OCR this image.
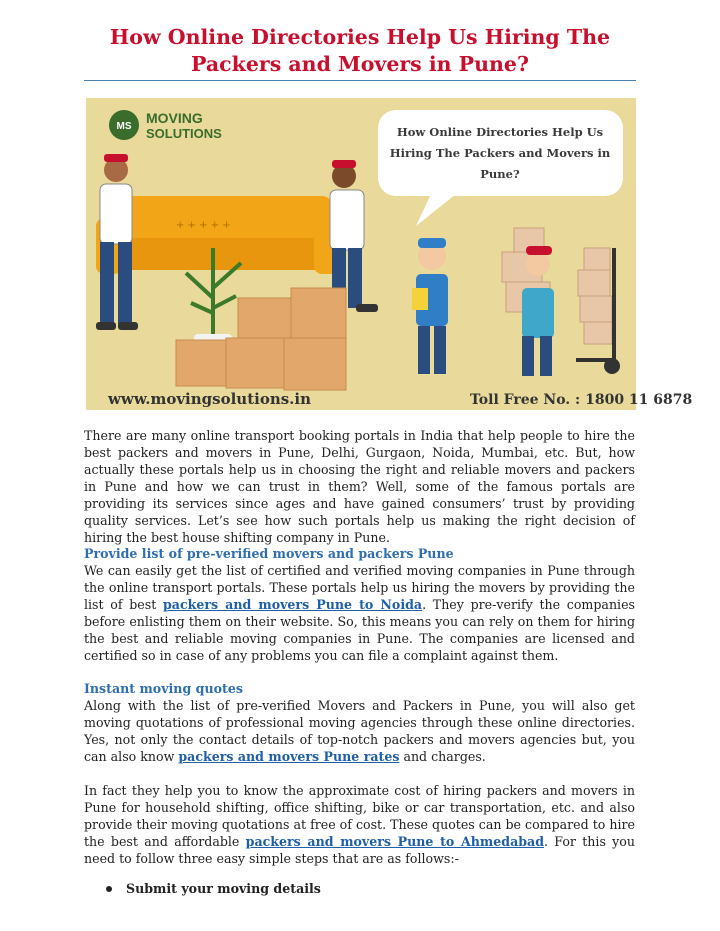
How Online Directories Help Us Hiring The Packers and Movers in Pune?
MS
MOVING
SOLUTIONS	How Online Directories Help Us
Hiring The Packers and Movers in
Pune?
+ + + + +
www.movingsolutions.in	Toll Free No. : 1800 11 6878

There are many online transport booking portals in India that help people to hire the best packers and movers in Pune, Delhi, Gurgaon, Noida, Mumbai, etc. But, how actually these portals help us in choosing the right and reliable movers and packers in Pune and how we can trust in them? Well, some of the famous portals are providing its services since ages and have gained consumers’ trust by providing quality services. Let’s see how such portals help us making the right decision of hiring the best house shifting company in Pune.

Provide list of pre-verified movers and packers Pune

We can easily get the list of certified and verified moving companies in Pune through the online transport portals. These portals help us hiring the movers by providing the list of best packers and movers Pune to Noida. They pre-verify the companies before enlisting them on their website. So, this means you can rely on them for hiring the best and reliable moving companies in Pune. The companies are licensed and certified so in case of any problems you can file a complaint against them.

Instant moving quotes

Along with the list of pre-verified Movers and Packers in Pune, you will also get moving quotations of professional moving agencies through these online directories. Yes, not only the contact details of top-notch packers and movers agencies but, you can also know packers and movers Pune rates and charges.

In fact they help you to know the approximate cost of hiring packers and movers in Pune for household shifting, office shifting, bike or car transportation, etc. and also provide their moving quotations at free of cost. These quotes can be compared to hire the best and affordable packers and movers Pune to Ahmedabad. For this you need to follow three easy simple steps that are as follows:-

Submit your moving details
